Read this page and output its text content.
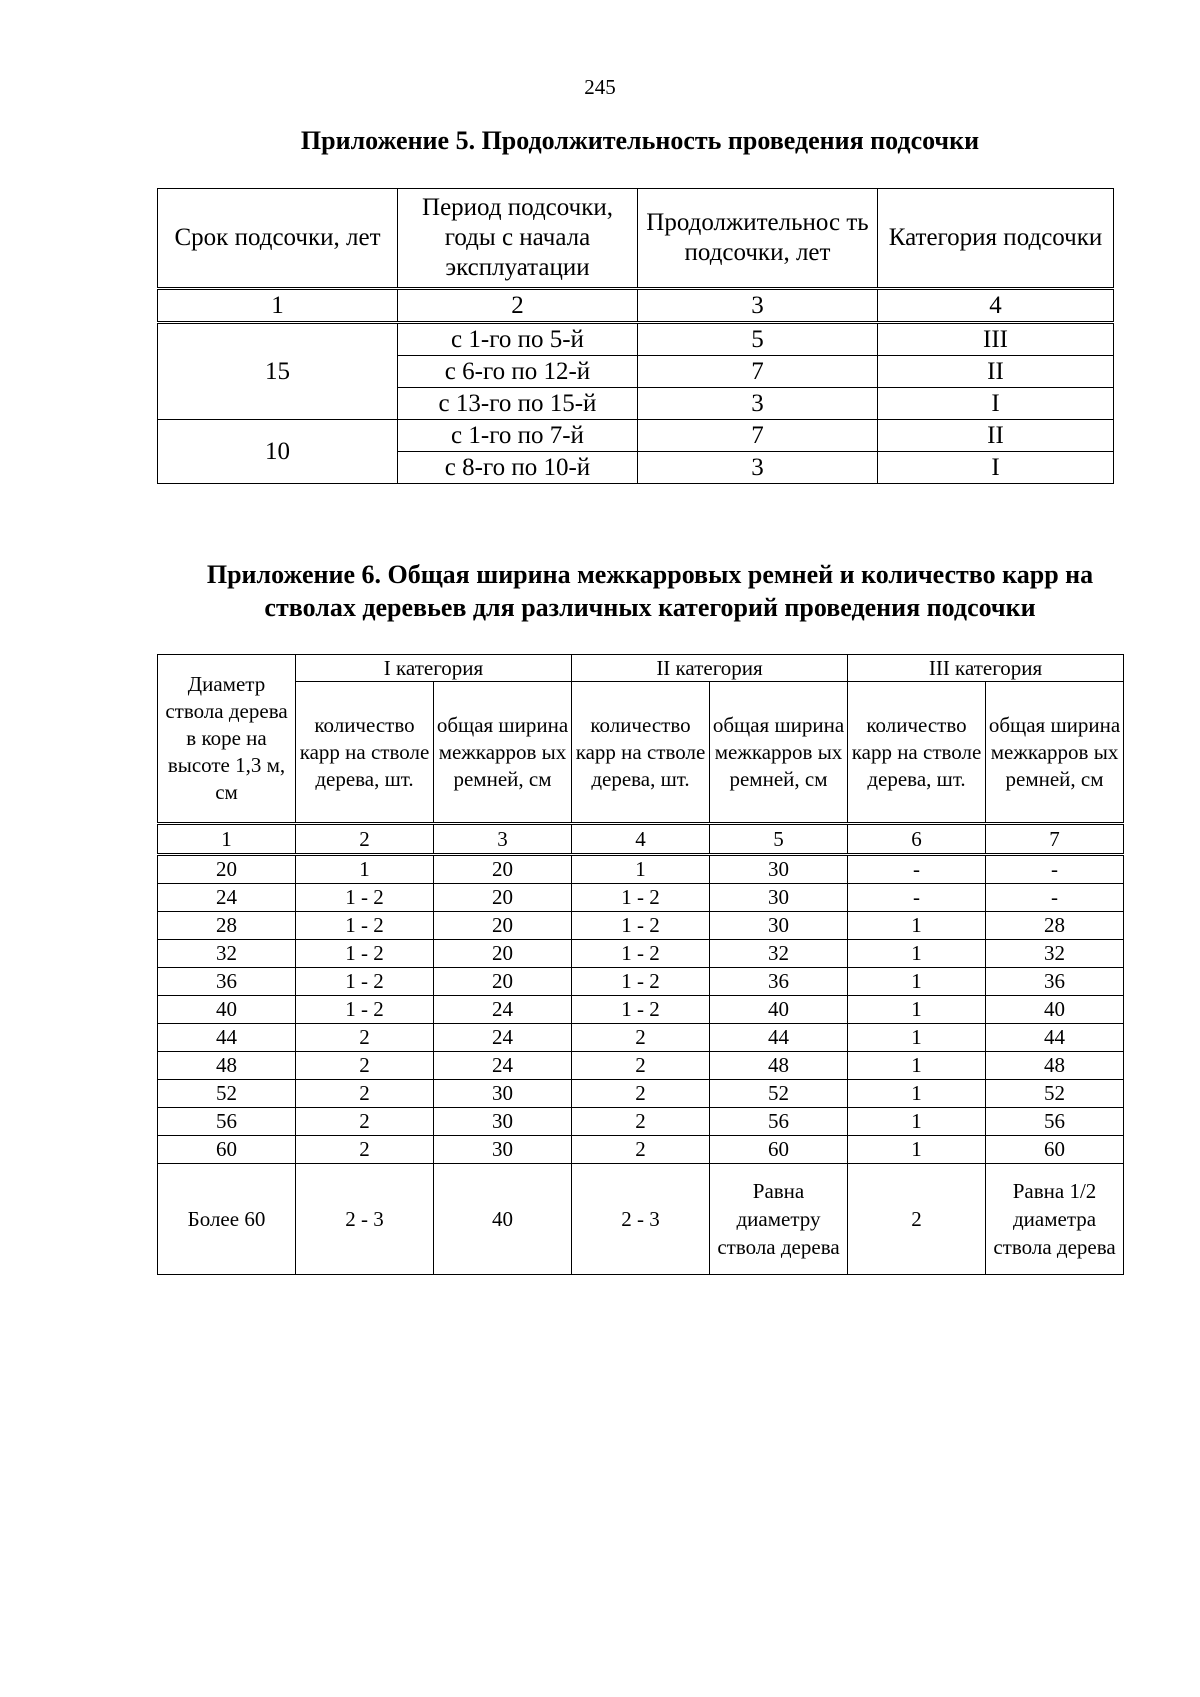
245
Приложение 5. Продолжительность проведения подсочки
Срок подсочки, лет	Период подсочки, годы с начала эксплуатации	Продолжительнос ть подсочки, лет	Категория подсочки
1	2	3	4
15	с 1-го по 5-й	5	III
	с 6-го по 12-й	7	II
	с 13-го по 15-й	3	I
10	с 1-го по 7-й	7	II
	с 8-го по 10-й	3	I
Приложение 6. Общая ширина межкарровых ремней и количество карр на стволах деревьев для различных категорий проведения подсочки
Диаметр ствола дерева в коре на высоте 1,3 м, см	I категория		II категория		III категория	
	количество карр на стволе дерева, шт.	общая ширина межкарров ых ремней, см	количество карр на стволе дерева, шт.	общая ширина межкарров ых ремней, см	количество карр на стволе дерева, шт.	общая ширина межкарров ых ремней, см
1	2	3	4	5	6	7
20	1	20	1	30	-	-
24	1 - 2	20	1 - 2	30	-	-
28	1 - 2	20	1 - 2	30	1	28
32	1 - 2	20	1 - 2	32	1	32
36	1 - 2	20	1 - 2	36	1	36
40	1 - 2	24	1 - 2	40	1	40
44	2	24	2	44	1	44
48	2	24	2	48	1	48
52	2	30	2	52	1	52
56	2	30	2	56	1	56
60	2	30	2	60	1	60
Более 60	2 - 3	40	2 - 3	Равна диаметру ствола дерева	2	Равна 1/2 диаметра ствола дерева
